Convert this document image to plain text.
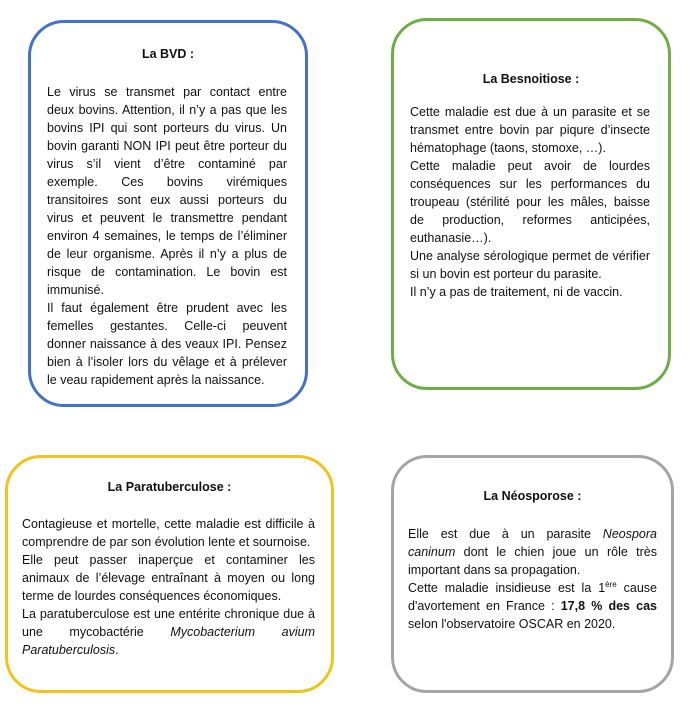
La BVD :

Le virus se transmet par contact entre deux bovins. Attention, il n’y a pas que les bovins IPI qui sont porteurs du virus. Un bovin garanti NON IPI peut être porteur du virus s’il vient d’être contaminé par exemple. Ces bovins virémiques transitoires sont eux aussi porteurs du virus et peuvent le transmettre pendant environ 4 semaines, le temps de l’éliminer de leur organisme. Après il n’y a plus de risque de contamination. Le bovin est immunisé.

Il faut également être prudent avec les femelles gestantes. Celle-ci peuvent donner naissance à des veaux IPI. Pensez bien à l’isoler lors du vêlage et à prélever le veau rapidement après la naissance.

La Besnoitiose :

Cette maladie est due à un parasite et se transmet entre bovin par piqure d’insecte hématophage (taons, stomoxe, …).

Cette maladie peut avoir de lourdes conséquences sur les performances du troupeau (stérilité pour les mâles, baisse de production, reformes anticipées, euthanasie…).

Une analyse sérologique permet de vérifier si un bovin est porteur du parasite.

Il n’y a pas de traitement, ni de vaccin.

La Paratuberculose :

Contagieuse et mortelle, cette maladie est difficile à comprendre de par son évolution lente et sournoise.

Elle peut passer inaperçue et contaminer les animaux de l’élevage entraînant à moyen ou long terme de lourdes conséquences économiques.

La paratuberculose est une entérite chronique due à une mycobactérie Mycobacterium avium Paratuberculosis.

La Néosporose :

Elle est due à un parasite Neospora caninum dont le chien joue un rôle très important dans sa propagation.

Cette maladie insidieuse est la 1ère cause d'avortement en France : 17,8 % des cas selon l'observatoire OSCAR en 2020.
